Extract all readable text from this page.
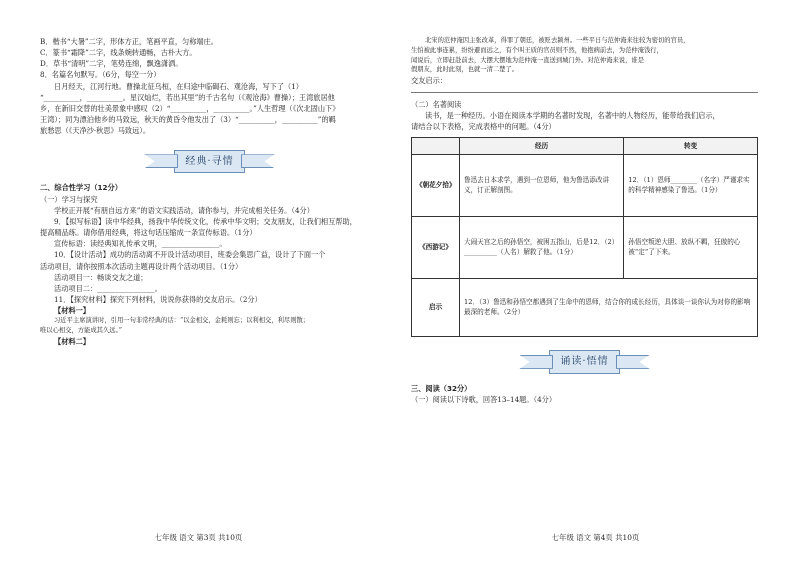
B．楷书“大暑”二字，形体方正，笔画平直，匀称端庄。
C．篆书“霜降”二字，线条婉转通畅，古朴大方。
D．草书“清明”二字，笔势连绵，飘逸潇洒。
8．名篇名句默写。（6分，每空一分）
日月经天，江河行地。曹操北征乌桓，在归途中临碣石、观沧海，写下了（1）
“__________，__________。星汉灿烂，若出其里”的千古名句（《观沧海》曹操）；王湾旅居他
乡，在新旧交替的壮美景象中感叹（2）“__________，__________。”人生哲理（《次北固山下》
王湾）；同为漂泊他乡的马致远，秋天的黄昏令他发出了（3）“__________，__________”的羁
旅愁思（《天净沙·秋思》马致远）。
经典·寻情
二、综合性学习（12分）
（一）学习与探究
学校正开展“有朋自远方来”的语文实践活动，请你参与，并完成相关任务。（4分）
9．【拟写标语】读中华经典，扬我中华传统文化，传承中华文明；交友朋友，让我们相互帮助，
提高精品练。请你借用经典，将这句话压缩成一条宣传标语。（1分）
宣传标语：读经典知礼传承文明，________________。
10．【设计活动】成功的活动离不开设计活动项目，班委会集思广益，设计了下面一个
活动项目，请你按照本次活动主题再设计两个活动项目。（1分）
活动项目一：畅谈交友之道；
活动项目二：________________。
11．【探究材料】探究下列材料，说说你获得的交友启示。（2分）
【材料一】
习近平主席演讲时，引用一句非常经典的话：“以金相交，金耗则忘；以利相交，利尽则散；
唯以心相交，方能成其久远。”
【材料二】
七年级 语文 第3页 共10页
北宋的范仲淹因主张改革，得罪了朝廷，被贬去颍州。一些平日与范仲淹来往较为密切的官员，
生怕被此事连累，纷纷避而远之，有个叫王质的官员则不然，他抱病前去，为范仲淹饯行，
闻说后，立即赶赴前去，大摆大摆地为范仲淹一直送到城门外。对范仲淹来说，谁是
假朋友，此时此刻，也就一清二楚了。
交友启示：
（二）名著阅读
读书，是一种经历。小语在阅读本学期的名著时发现，名著中的人物经历，能带给我们启示，
请结合以下表格，完成表格中的问题。（4分）
	经历	转变
《朝花夕拾》	鲁迅去日本求学，遇到一位恩师，他为鲁迅添改讲义，订正解剖图。	12．（1）恩师________（名字）严谨求实的科学精神感染了鲁迅。（1分）
《西游记》	大闹天宫之后的孙悟空，被困五指山，后是12．（2）__________（人名）解救了他。（1分）	孙悟空叛逆大胆、放纵不羁，狂傲的心被“定”了下来。
启示	12．（3）鲁迅和孙悟空都遇到了生命中的恩师，结合你的成长经历，具体谈一谈你认为对你的影响最深的老师。（2分）	
诵读·悟情
三、阅读（32分）
（一）阅读以下诗歌，回答13–14题。（4分）
七年级 语文 第4页 共10页
